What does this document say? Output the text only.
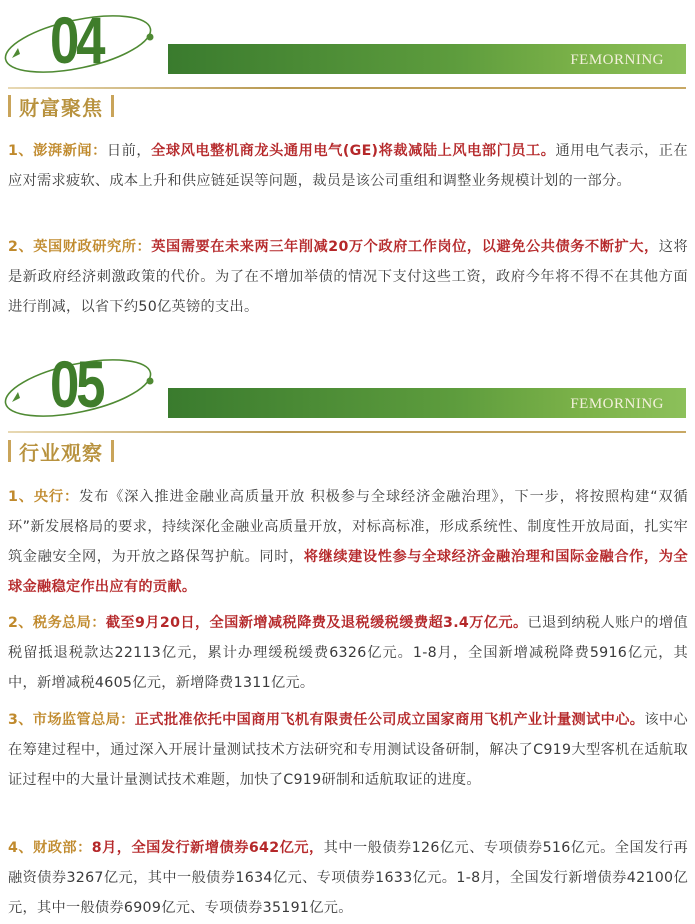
04	FEMORNING
财富聚焦
1、澎湃新闻：日前，全球风电整机商龙头通用电气(GE)将裁减陆上风电部门员工。通用电气表示，正在应对需求疲软、成本上升和供应链延误等问题，裁员是该公司重组和调整业务规模计划的一部分。
2、英国财政研究所：英国需要在未来两三年削减20万个政府工作岗位，以避免公共债务不断扩大，这将是新政府经济刺激政策的代价。为了在不增加举债的情况下支付这些工资，政府今年将不得不在其他方面进行削减，以省下约50亿英镑的支出。
05	FEMORNING
行业观察
1、央行：发布《深入推进金融业高质量开放 积极参与全球经济金融治理》，下一步，将按照构建“双循环”新发展格局的要求，持续深化金融业高质量开放，对标高标准，形成系统性、制度性开放局面，扎实牢筑金融安全网，为开放之路保驾护航。同时，将继续建设性参与全球经济金融治理和国际金融合作，为全球金融稳定作出应有的贡献。
2、税务总局：截至9月20日，全国新增减税降费及退税缓税缓费超3.4万亿元。已退到纳税人账户的增值税留抵退税款达22113亿元，累计办理缓税缓费6326亿元。1-8月，全国新增减税降费5916亿元，其中，新增减税4605亿元，新增降费1311亿元。
3、市场监管总局：正式批准依托中国商用飞机有限责任公司成立国家商用飞机产业计量测试中心。该中心在筹建过程中，通过深入开展计量测试技术方法研究和专用测试设备研制，解决了C919大型客机在适航取证过程中的大量计量测试技术难题，加快了C919研制和适航取证的进度。
4、财政部：8月，全国发行新增债券642亿元，其中一般债券126亿元、专项债券516亿元。全国发行再融资债券3267亿元，其中一般债券1634亿元、专项债券1633亿元。1-8月，全国发行新增债券42100亿元，其中一般债券6909亿元、专项债券35191亿元。
